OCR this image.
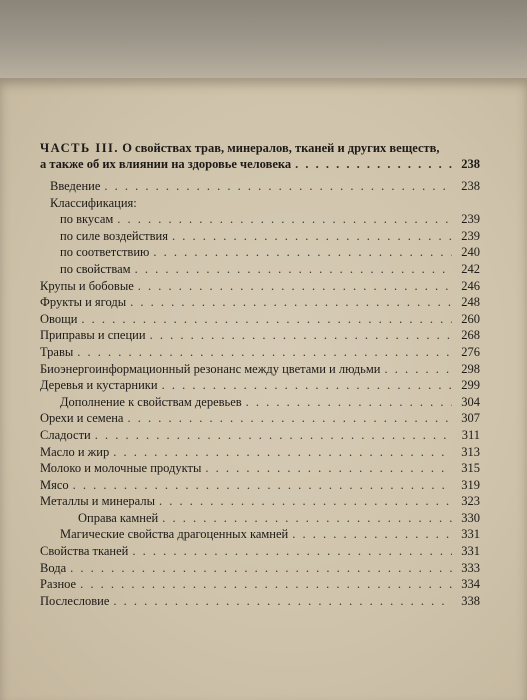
ЧАСТЬ III. О свойствах трав, минералов, тканей и других веществ,
а также об их влиянии на здоровье человека . . .	238
Введение . . .	238
Классификация:
по вкусам . . .	239
по силе воздействия . . .	239
по соответствию . . .	240
по свойствам . . .	242
Крупы и бобовые . . .	246
Фрукты и ягоды . . .	248
Овощи . . .	260
Приправы и специи . . .	268
Травы . . .	276
Биоэнергоинформационный резонанс между цветами и людьми . . .	298
Деревья и кустарники . . .	299
Дополнение к свойствам деревьев . . .	304
Орехи и семена . . .	307
Сладости . . .	311
Масло и жир . . .	313
Молоко и молочные продукты . . .	315
Мясо . . .	319
Металлы и минералы . . .	323
Оправа камней . . .	330
Магические свойства драгоценных камней . . .	331
Свойства тканей . . .	331
Вода . . .	333
Разное . . .	334
Послесловие . . .	338
